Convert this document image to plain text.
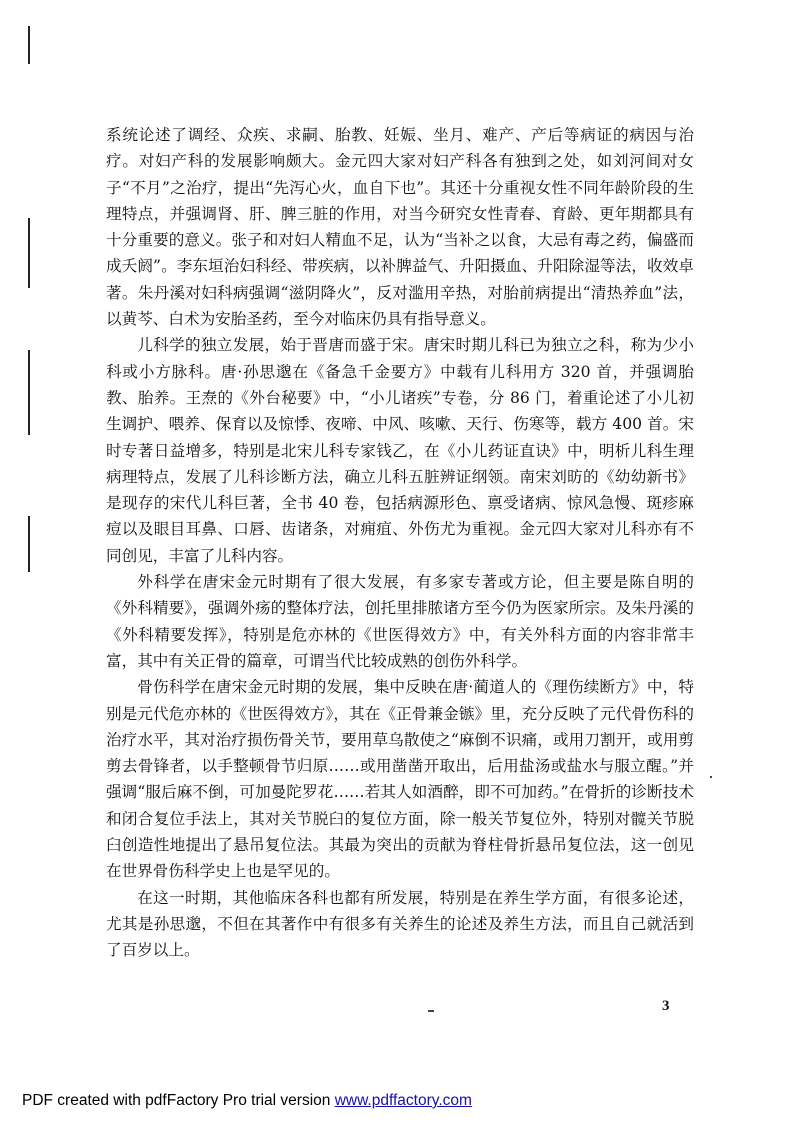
系统论述了调经、众疾、求嗣、胎教、妊娠、坐月、难产、产后等病证的病因与治疗。对妇产科的发展影响颇大。金元四大家对妇产科各有独到之处，如刘河间对女子“不月”之治疗，提出“先泻心火，血自下也”。其还十分重视女性不同年龄阶段的生理特点，并强调肾、肝、脾三脏的作用，对当今研究女性青春、育龄、更年期都具有十分重要的意义。张子和对妇人精血不足，认为“当补之以食，大忌有毒之药，偏盛而成夭阏”。李东垣治妇科经、带疾病，以补脾益气、升阳摄血、升阳除湿等法，收效卓著。朱丹溪对妇科病强调“滋阴降火”，反对滥用辛热，对胎前病提出“清热养血”法，以黄芩、白术为安胎圣药，至今对临床仍具有指导意义。

儿科学的独立发展，始于晋唐而盛于宋。唐宋时期儿科已为独立之科，称为少小科或小方脉科。唐·孙思邈在《备急千金要方》中载有儿科用方 320 首，并强调胎教、胎养。王焘的《外台秘要》中，“小儿诸疾”专卷，分 86 门，着重论述了小儿初生调护、喂养、保育以及惊悸、夜啼、中风、咳嗽、天行、伤寒等，载方 400 首。宋时专著日益增多，特别是北宋儿科专家钱乙，在《小儿药证直诀》中，明析儿科生理病理特点，发展了儿科诊断方法，确立儿科五脏辨证纲领。南宋刘昉的《幼幼新书》是现存的宋代儿科巨著，全书 40 卷，包括病源形色、禀受诸病、惊风急慢、斑疹麻痘以及眼目耳鼻、口唇、齿诸条，对痈疽、外伤尤为重视。金元四大家对儿科亦有不同创见，丰富了儿科内容。

外科学在唐宋金元时期有了很大发展，有多家专著或方论，但主要是陈自明的《外科精要》，强调外疡的整体疗法，创托里排脓诸方至今仍为医家所宗。及朱丹溪的《外科精要发挥》，特别是危亦林的《世医得效方》中，有关外科方面的内容非常丰富，其中有关正骨的篇章，可谓当代比较成熟的创伤外科学。

骨伤科学在唐宋金元时期的发展，集中反映在唐·蔺道人的《理伤续断方》中，特别是元代危亦林的《世医得效方》，其在《正骨兼金镞》里，充分反映了元代骨伤科的治疗水平，其对治疗损伤骨关节，要用草乌散使之“麻倒不识痛，或用刀割开，或用剪剪去骨锋者，以手整顿骨节归原……或用凿凿开取出，后用盐汤或盐水与服立醒。”并强调“服后麻不倒，可加曼陀罗花……若其人如酒醉，即不可加药。”在骨折的诊断技术和闭合复位手法上，其对关节脱臼的复位方面，除一般关节复位外，特别对髋关节脱臼创造性地提出了悬吊复位法。其最为突出的贡献为脊柱骨折悬吊复位法，这一创见在世界骨伤科学史上也是罕见的。

在这一时期，其他临床各科也都有所发展，特别是在养生学方面，有很多论述，尤其是孙思邈，不但在其著作中有很多有关养生的论述及养生方法，而且自己就活到了百岁以上。

3
PDF created with pdfFactory Pro trial version www.pdffactory.com
